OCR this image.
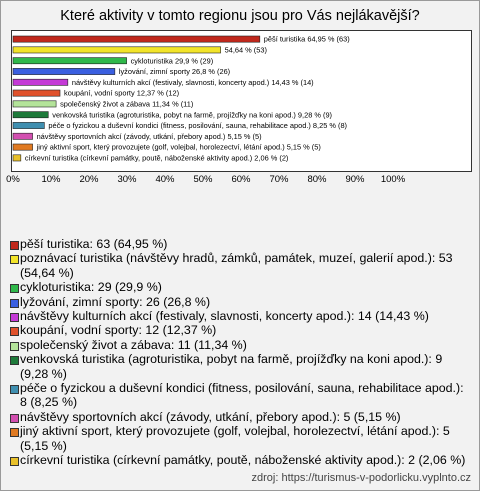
Které aktivity v tomto regionu jsou pro Vás nejlákavější?
pěší turistika 64,95 % (63)
54,64 % (53)
cykloturistika 29,9 % (29)
lyžování, zimní sporty 26,8 % (26)
návštěvy kulturních akcí (festivaly, slavnosti, koncerty apod.) 14,43 % (14)
koupání, vodní sporty 12,37 % (12)
společenský život a zábava 11,34 % (11)
venkovská turistika (agroturistika, pobyt na farmě, projížďky na koni apod.) 9,28 % (9)
péče o fyzickou a duševní kondici (fitness, posilování, sauna, rehabilitace apod.) 8,25 % (8)
návštěvy sportovních akcí (závody, utkání, přebory apod.) 5,15 % (5)
jiný aktivní sport, který provozujete (golf, volejbal, horolezectví, létání apod.) 5,15 % (5)
církevní turistika (církevní památky, poutě, náboženské aktivity apod.) 2,06 % (2)
0% 10% 20% 30% 40% 50% 60% 70% 80% 90% 100%
pěší turistika: 63 (64,95 %)
poznávací turistika (návštěvy hradů, zámků, památek, muzeí, galerií apod.): 53 (54,64 %)
cykloturistika: 29 (29,9 %)
lyžování, zimní sporty: 26 (26,8 %)
návštěvy kulturních akcí (festivaly, slavnosti, koncerty apod.): 14 (14,43 %)
koupání, vodní sporty: 12 (12,37 %)
společenský život a zábava: 11 (11,34 %)
venkovská turistika (agroturistika, pobyt na farmě, projížďky na koni apod.): 9 (9,28 %)
péče o fyzickou a duševní kondici (fitness, posilování, sauna, rehabilitace apod.): 8 (8,25 %)
návštěvy sportovních akcí (závody, utkání, přebory apod.): 5 (5,15 %)
jiný aktivní sport, který provozujete (golf, volejbal, horolezectví, létání apod.): 5 (5,15 %)
církevní turistika (církevní památky, poutě, náboženské aktivity apod.): 2 (2,06 %)
zdroj: https://turismus-v-podorlicku.vyplnto.cz
